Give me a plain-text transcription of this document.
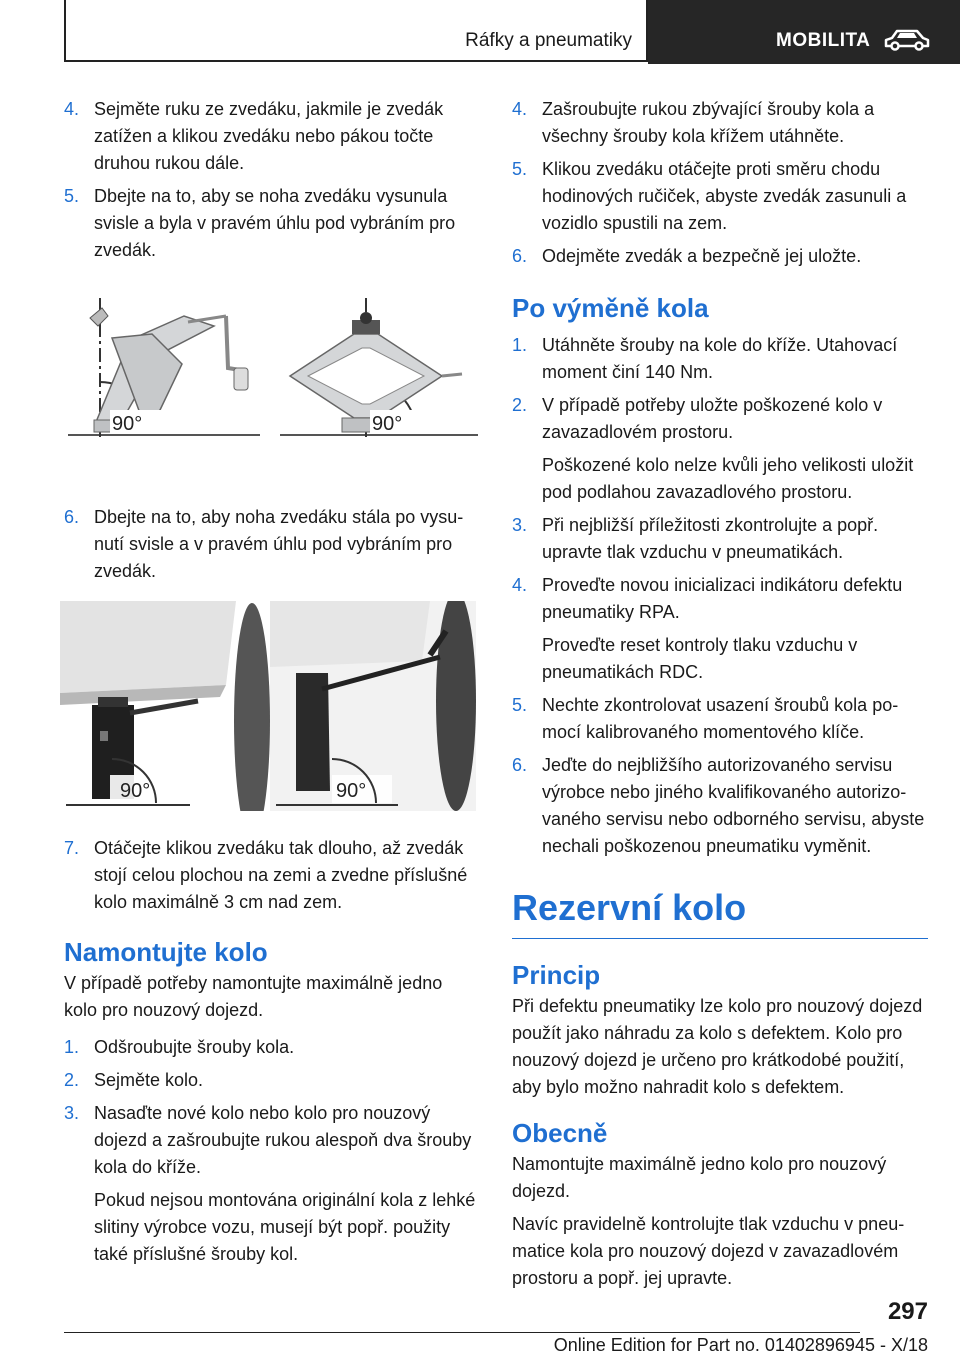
Ráfky a pneumatiky	MOBILITA
4. Sejměte ruku ze zvedáku, jakmile je zvedák zatížen a klikou zvedáku nebo pákou točte druhou rukou dále.
5. Dbejte na to, aby se noha zvedáku vysunula svisle a byla v pravém úhlu pod vybráním pro zvedák.
90°	90°
6. Dbejte na to, aby noha zvedáku stála po vysunutí svisle a v pravém úhlu pod vybráním pro zvedák.
90°	90°
7. Otáčejte klikou zvedáku tak dlouho, až zvedák stojí celou plochou na zemi a zvedne příslušné kolo maximálně 3 cm nad zem.
Namontujte kolo
V případě potřeby namontujte maximálně jedno kolo pro nouzový dojezd.
1. Odšroubujte šrouby kola.
2. Sejměte kolo.
3. Nasaďte nové kolo nebo kolo pro nouzový dojezd a zašroubujte rukou alespoň dva šrouby kola do kříže.
Pokud nejsou montována originální kola z lehké slitiny výrobce vozu, musejí být popř. použity také příslušné šrouby kol.
4. Zašroubujte rukou zbývající šrouby kola a všechny šrouby kola křížem utáhněte.
5. Klikou zvedáku otáčejte proti směru chodu hodinových ručiček, abyste zvedák zasunuli a vozidlo spustili na zem.
6. Odejměte zvedák a bezpečně jej uložte.
Po výměně kola
1. Utáhněte šrouby na kole do kříže. Utahovací moment činí 140 Nm.
2. V případě potřeby uložte poškozené kolo v zavazadlovém prostoru.
Poškozené kolo nelze kvůli jeho velikosti uložit pod podlahou zavazadlového prostoru.
3. Při nejbližší příležitosti zkontrolujte a popř. upravte tlak vzduchu v pneumatikách.
4. Proveďte novou inicializaci indikátoru defektu pneumatiky RPA.
Proveďte reset kontroly tlaku vzduchu v pneumatikách RDC.
5. Nechte zkontrolovat usazení šroubů kola pomocí kalibrovaného momentového klíče.
6. Jeďte do nejbližšího autorizovaného servisu výrobce nebo jiného kvalifikovaného autorizovaného servisu nebo odborného servisu, abyste nechali poškozenou pneumatiku vyměnit.
Rezervní kolo
Princip
Při defektu pneumatiky lze kolo pro nouzový dojezd použít jako náhradu za kolo s defektem. Kolo pro nouzový dojezd je určeno pro krátkodobé použití, aby bylo možno nahradit kolo s defektem.
Obecně
Namontujte maximálně jedno kolo pro nouzový dojezd.
Navíc pravidelně kontrolujte tlak vzduchu v pneumatice kola pro nouzový dojezd v zavazadlovém prostoru a popř. jej upravte.
297
Online Edition for Part no. 01402896945 - X/18
